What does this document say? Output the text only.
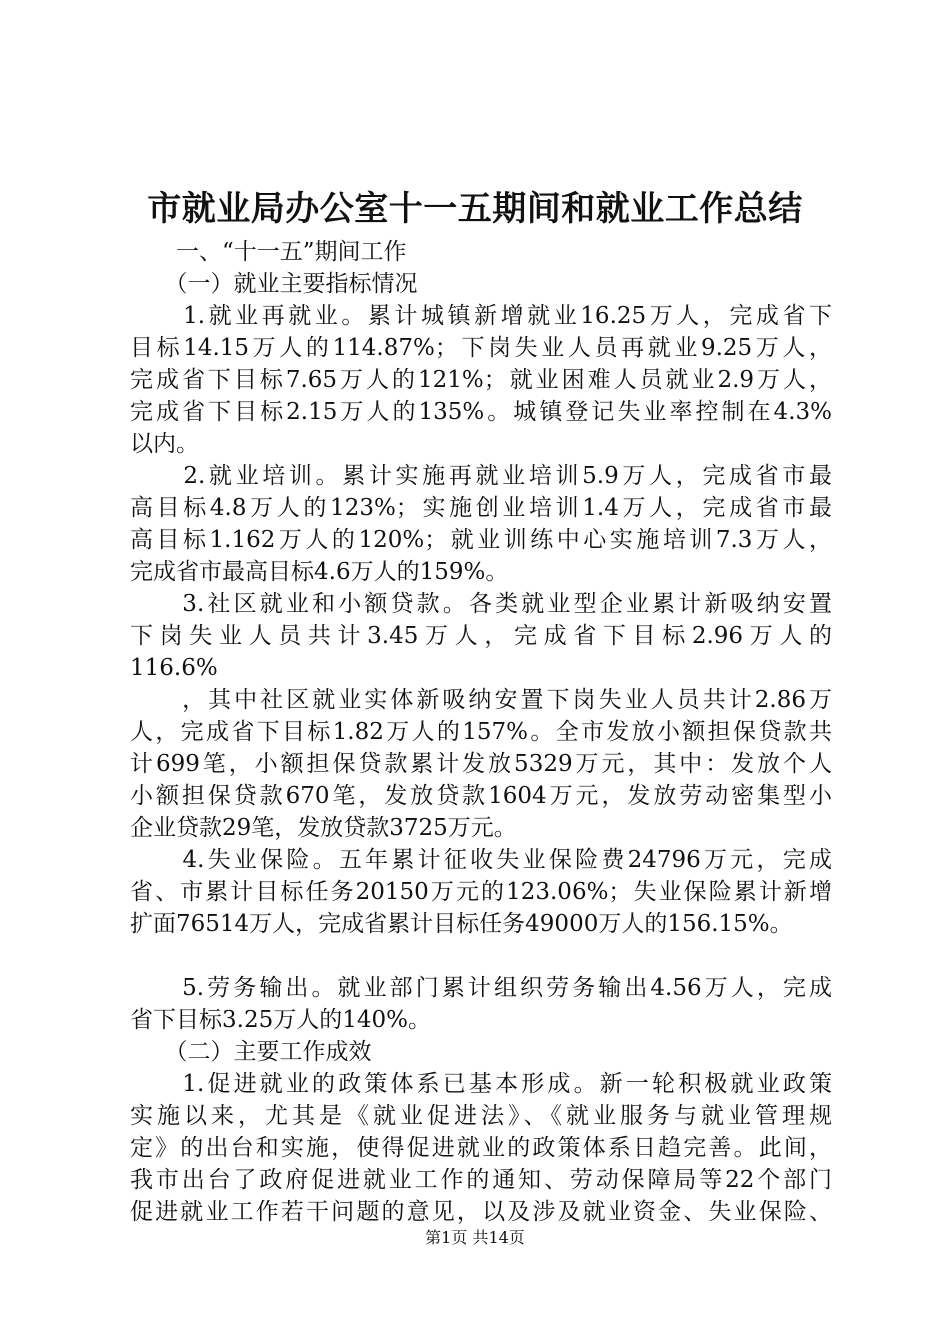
市就业局办公室十一五期间和就业工作总结
　　一、“十一五”期间工作
　　（一）就业主要指标情况
　　1.就业再就业。累计城镇新增就业16.25万人，完成省下
目标14.15万人的114.87%；下岗失业人员再就业9.25万人，
完成省下目标7.65万人的121%；就业困难人员就业2.9万人，
完成省下目标2.15万人的135%。城镇登记失业率控制在4.3%
以内。
　　2.就业培训。累计实施再就业培训5.9万人，完成省市最
高目标4.8万人的123%；实施创业培训1.4万人，完成省市最
高目标1.162万人的120%；就业训练中心实施培训7.3万人，
完成省市最高目标4.6万人的159%。
　　3.社区就业和小额贷款。各类就业型企业累计新吸纳安置
下岗失业人员共计3.45万人，完成省下目标2.96万人的
116.6%
　　，其中社区就业实体新吸纳安置下岗失业人员共计2.86万
人，完成省下目标1.82万人的157%。全市发放小额担保贷款共
计699笔，小额担保贷款累计发放5329万元，其中：发放个人
小额担保贷款670笔，发放贷款1604万元，发放劳动密集型小
企业贷款29笔，发放贷款3725万元。
　　4.失业保险。五年累计征收失业保险费24796万元，完成
省、市累计目标任务20150万元的123.06%；失业保险累计新增
扩面76514万人，完成省累计目标任务49000万人的156.15%。
　　5.劳务输出。就业部门累计组织劳务输出4.56万人，完成
省下目标3.25万人的140%。
　　（二）主要工作成效
　　1.促进就业的政策体系已基本形成。新一轮积极就业政策
实施以来，尤其是《就业促进法》、《就业服务与就业管理规
定》的出台和实施，使得促进就业的政策体系日趋完善。此间，
我市出台了政府促进就业工作的通知、劳动保障局等22个部门
促进就业工作若干问题的意见，以及涉及就业资金、失业保险、
第1页 共14页
